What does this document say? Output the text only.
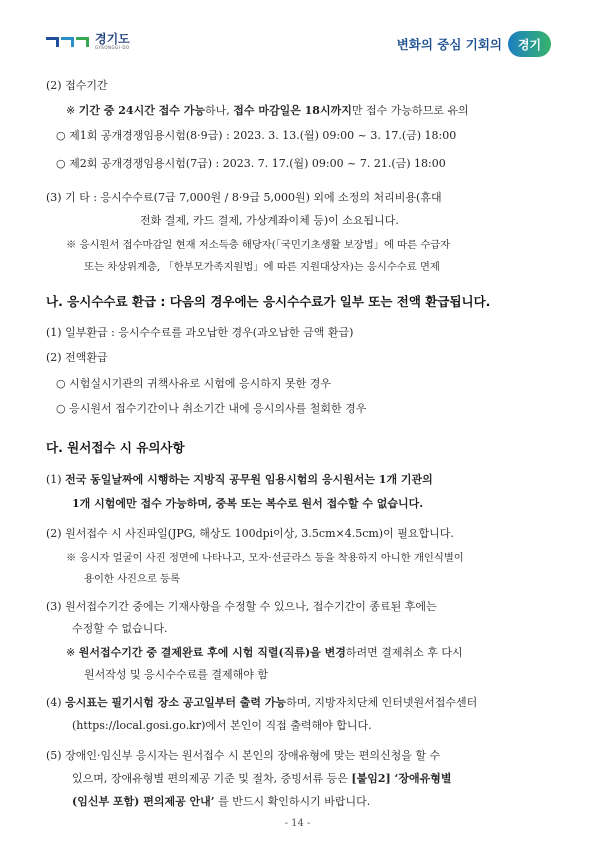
경기도
GYEONGGI-DO	변화의 중심 기회의	경기
(2) 접수기간
※ 기간 중 24시간 접수 가능하나, 접수 마감일은 18시까지만 접수 가능하므로 유의
○ 제1회 공개경쟁임용시험(8·9급) : 2023. 3. 13.(월) 09:00 ~ 3. 17.(금) 18:00
○ 제2회 공개경쟁임용시험(7급) : 2023. 7. 17.(월) 09:00 ~ 7. 21.(금) 18:00
(3) 기 타 : 응시수수료(7급 7,000원 / 8·9급 5,000원) 외에 소정의 처리비용(휴대
전화 결제, 카드 결제, 가상계좌이체 등)이 소요됩니다.
※ 응시원서 접수마감일 현재 저소득층 해당자(「국민기초생활 보장법」에 따른 수급자
또는 차상위계층, 「한부모가족지원법」에 따른 지원대상자)는 응시수수료 면제
나. 응시수수료 환급 : 다음의 경우에는 응시수수료가 일부 또는 전액 환급됩니다.
(1) 일부환급 : 응시수수료를 과오납한 경우(과오납한 금액 환급)
(2) 전액환급
○ 시험실시기관의 귀책사유로 시험에 응시하지 못한 경우
○ 응시원서 접수기간이나 취소기간 내에 응시의사를 철회한 경우
다. 원서접수 시 유의사항
(1) 전국 동일날짜에 시행하는 지방직 공무원 임용시험의 응시원서는 1개 기관의
1개 시험에만 접수 가능하며, 중복 또는 복수로 원서 접수할 수 없습니다.
(2) 원서접수 시 사진파일(JPG, 해상도 100dpi이상, 3.5cm×4.5cm)이 필요합니다.
※ 응시자 얼굴이 사진 정면에 나타나고, 모자·선글라스 등을 착용하지 아니한 개인식별이
용이한 사진으로 등록
(3) 원서접수기간 중에는 기재사항을 수정할 수 있으나, 접수기간이 종료된 후에는
수정할 수 없습니다.
※ 원서접수기간 중 결제완료 후에 시험 직렬(직류)을 변경하려면 결제취소 후 다시
원서작성 및 응시수수료를 결제해야 함
(4) 응시표는 필기시험 장소 공고일부터 출력 가능하며, 지방자치단체 인터넷원서접수센터
(https://local.gosi.go.kr)에서 본인이 직접 출력해야 합니다.
(5) 장애인·임신부 응시자는 원서접수 시 본인의 장애유형에 맞는 편의신청을 할 수
있으며, 장애유형별 편의제공 기준 및 절차, 증빙서류 등은 [붙임2] ‘장애유형별
(임신부 포함) 편의제공 안내’ 를 반드시 확인하시기 바랍니다.
- 14 -
